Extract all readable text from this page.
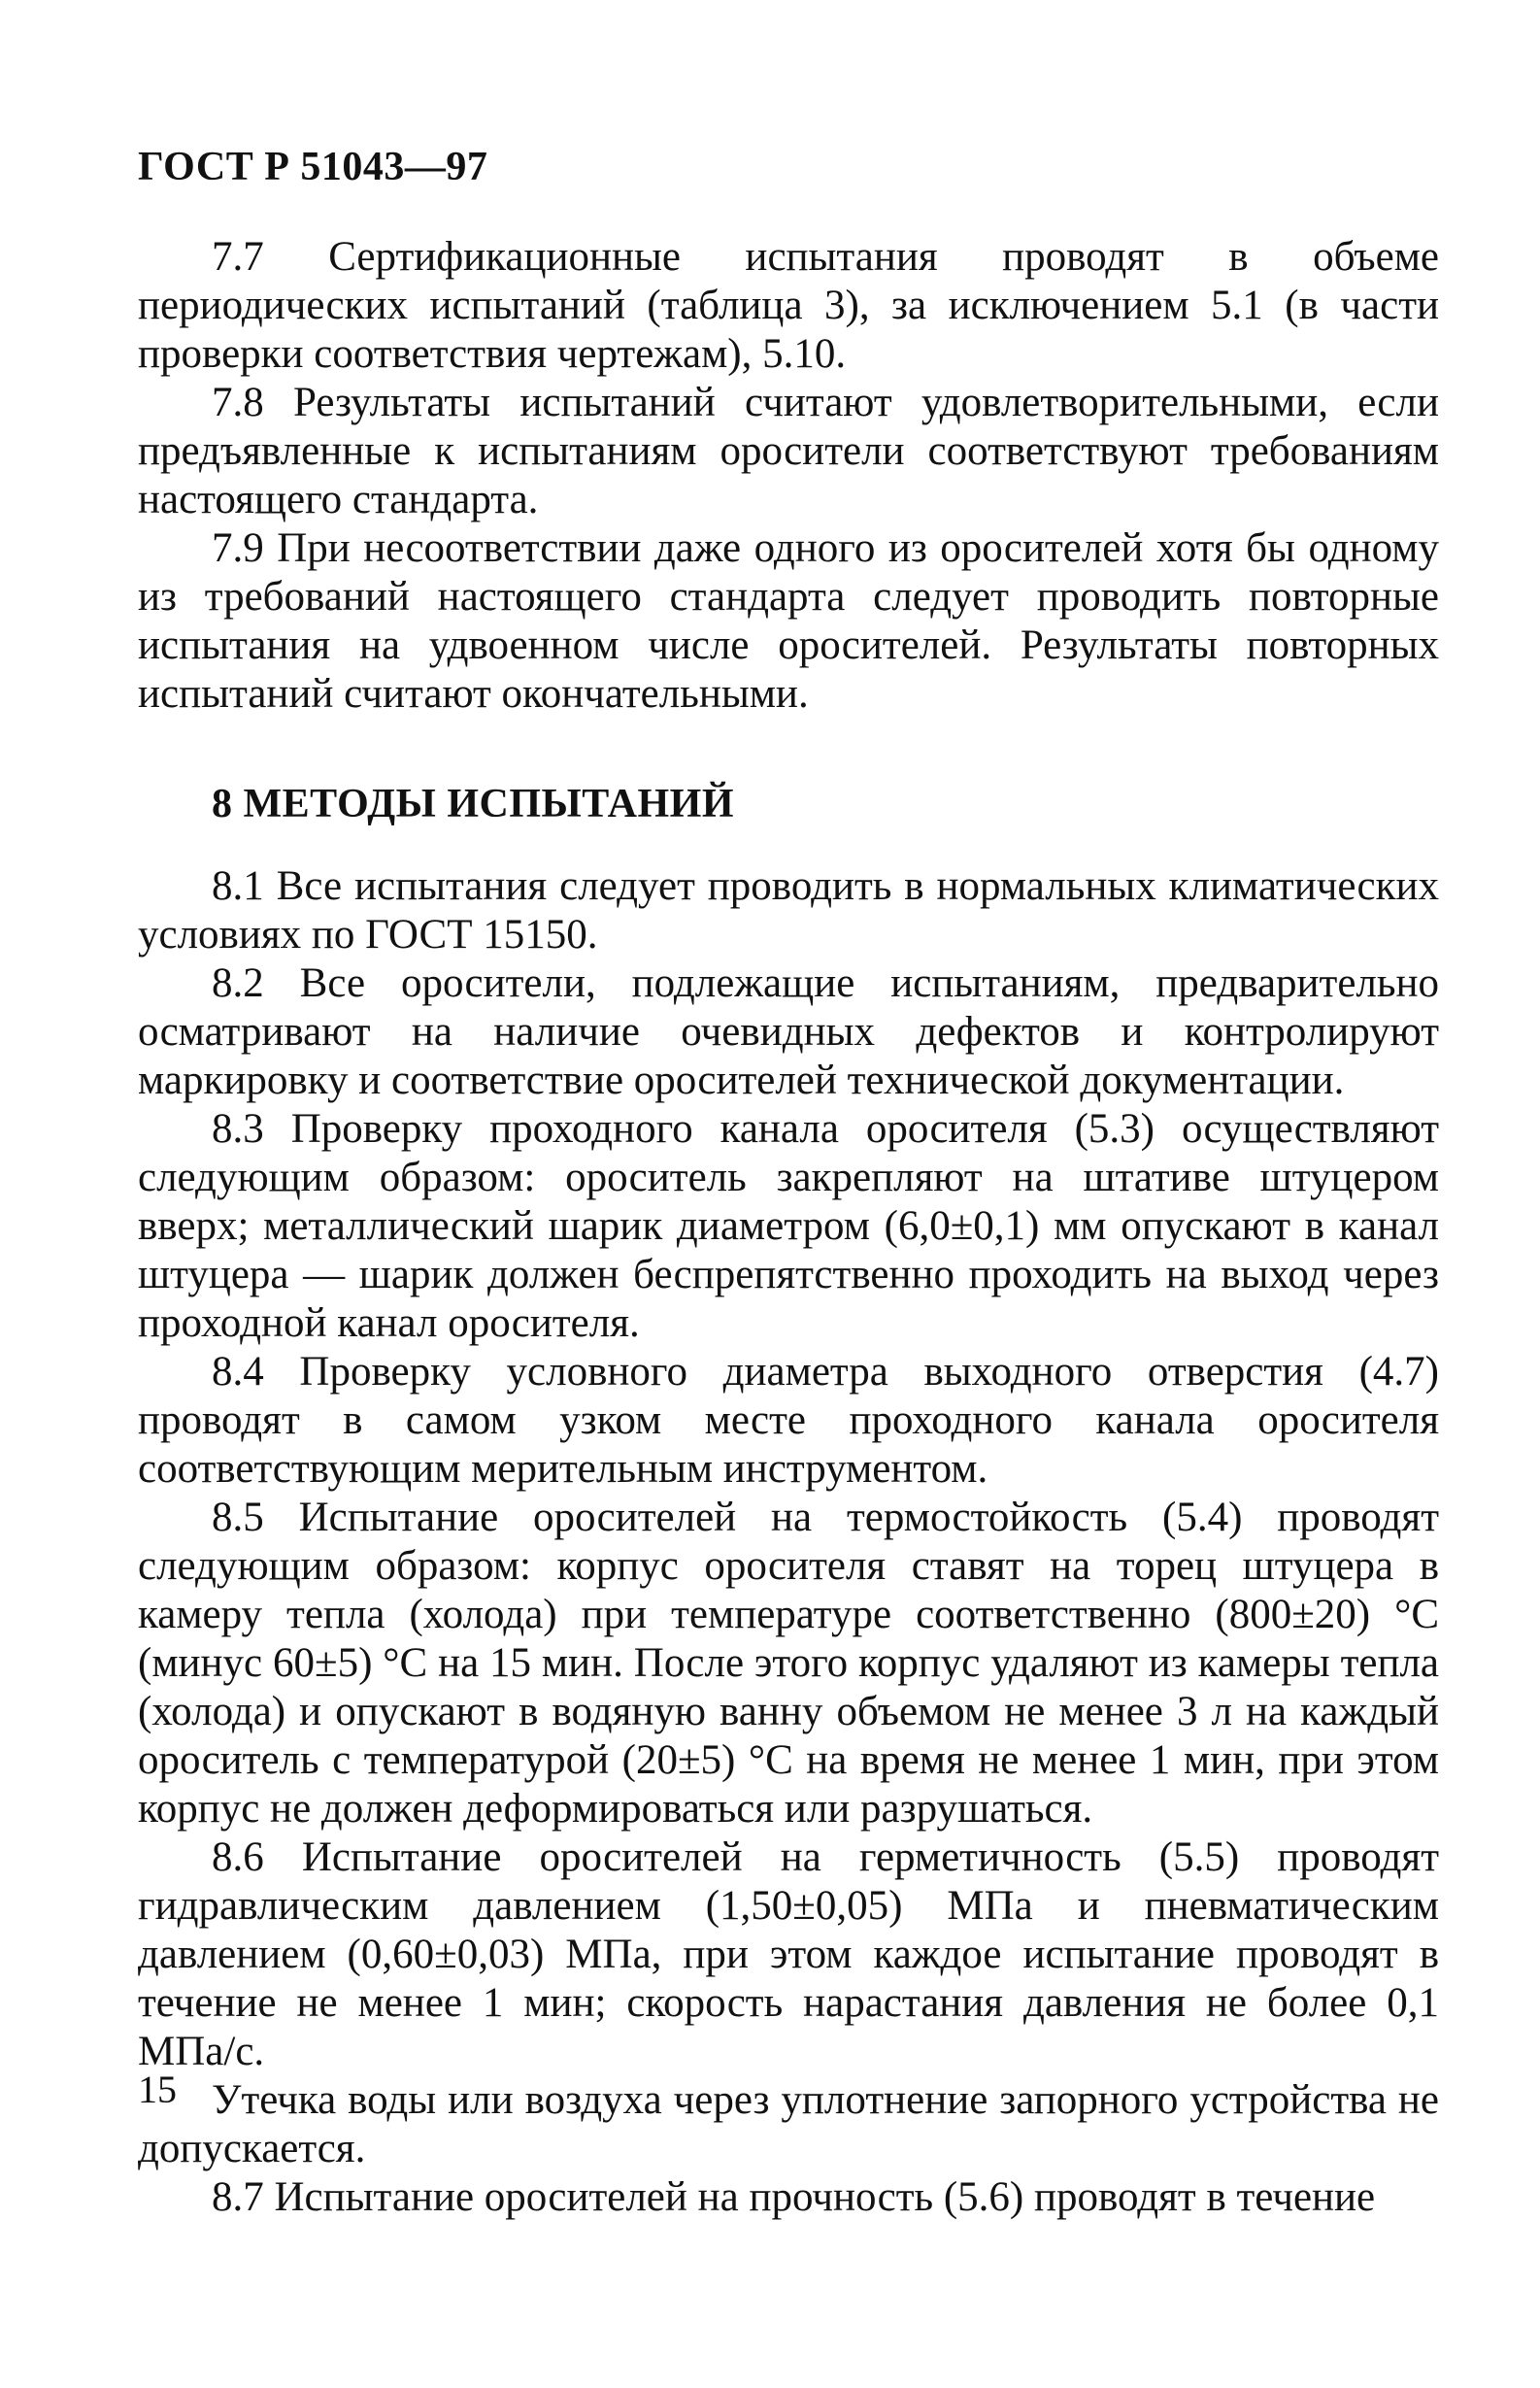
ГОСТ Р 51043—97

7.7 Сертификационные испытания проводят в объеме периодических испытаний (таблица 3), за исключением 5.1 (в части проверки соответствия чертежам), 5.10.

7.8 Результаты испытаний считают удовлетворительными, если предъявленные к испытаниям оросители соответствуют требованиям настоящего стандарта.

7.9 При несоответствии даже одного из оросителей хотя бы одному из требований настоящего стандарта следует проводить повторные испытания на удвоенном числе оросителей. Результаты повторных испытаний считают окончательными.

8 МЕТОДЫ ИСПЫТАНИЙ

8.1 Все испытания следует проводить в нормальных климатических условиях по ГОСТ 15150.

8.2 Все оросители, подлежащие испытаниям, предварительно осматривают на наличие очевидных дефектов и контролируют маркировку и соответствие оросителей технической документации.

8.3 Проверку проходного канала оросителя (5.3) осуществляют следующим образом: ороситель закрепляют на штативе штуцером вверх; металлический шарик диаметром (6,0±0,1) мм опускают в канал штуцера — шарик должен беспрепятственно проходить на выход через проходной канал оросителя.

8.4 Проверку условного диаметра выходного отверстия (4.7) проводят в самом узком месте проходного канала оросителя соответствующим мерительным инструментом.

8.5 Испытание оросителей на термостойкость (5.4) проводят следующим образом: корпус оросителя ставят на торец штуцера в камеру тепла (холода) при температуре соответственно (800±20) °С (минус 60±5) °С на 15 мин. После этого корпус удаляют из камеры тепла (холода) и опускают в водяную ванну объемом не менее 3 л на каждый ороситель с температурой (20±5) °С на время не менее 1 мин, при этом корпус не должен деформироваться или разрушаться.

8.6 Испытание оросителей на герметичность (5.5) проводят гидравлическим давлением (1,50±0,05) МПа и пневматическим давлением (0,60±0,03) МПа, при этом каждое испытание проводят в течение не менее 1 мин; скорость нарастания давления не более 0,1 МПа/с.

Утечка воды или воздуха через уплотнение запорного устройства не допускается.

8.7 Испытание оросителей на прочность (5.6) проводят в течение

15
